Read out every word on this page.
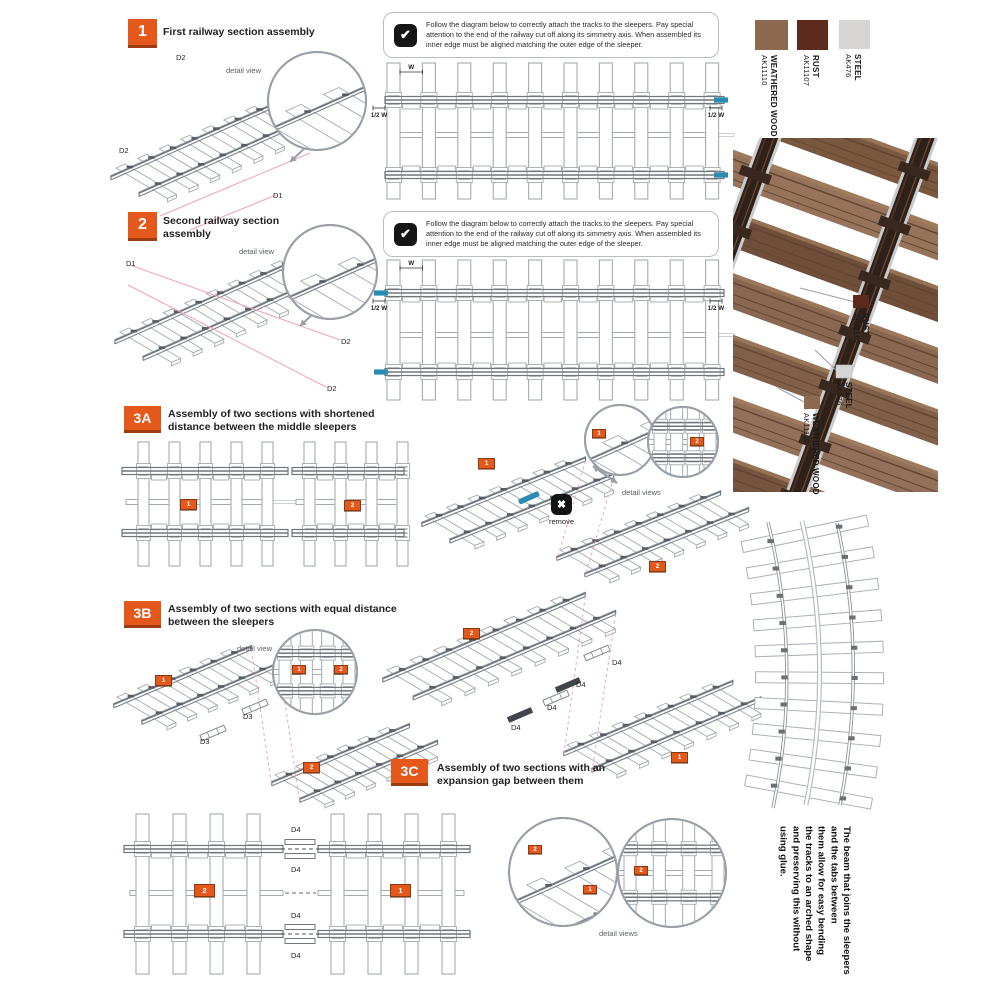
1	First railway section assembly	✔
Follow the diagram below to correctly attach the tracks to the sleepers. Pay special attention to the end of the railway cut off along its simmetry axis. When assembled its inner edge must be aligned matching the outer edge of the sleeper.
WEATHERED WOOD
AK11110	RUST
AK11107	STEEL
AK476
W
1/2 W	1/2 W
2	Second railway section assembly	✔
Follow the diagram below to correctly attach the tracks to the sleepers. Pay special attention to the end of the railway cut off along its simmetry axis. When assembled its inner edge must be aligned matching the outer edge of the sleeper.
W
1/2 W	1/2 W
3A	Assembly of two sections with shortened distance between the middle sleepers
✖
3B	Assembly of two sections with equal distance between the sleepers
3C	Assembly of two sections with an expansion gap between them
RUST
AK11107
STEEL
AK476
WEATHERED WOOD
AK11110
The beam that joins the sleepers
and the tabs between
them allow for easy bending
the tracks to an arched shape
and preserving this without
using glue.
1	2
1
2
1
2
1
2
1	2
2
1
2	1
2
1
2
D2
detail view
D2
D1
D1
detail view
D2
D2
detail views
remove
detail view
D3
D3
D4
D4
D4
D4
D4
D4
D4
D4
detail views
